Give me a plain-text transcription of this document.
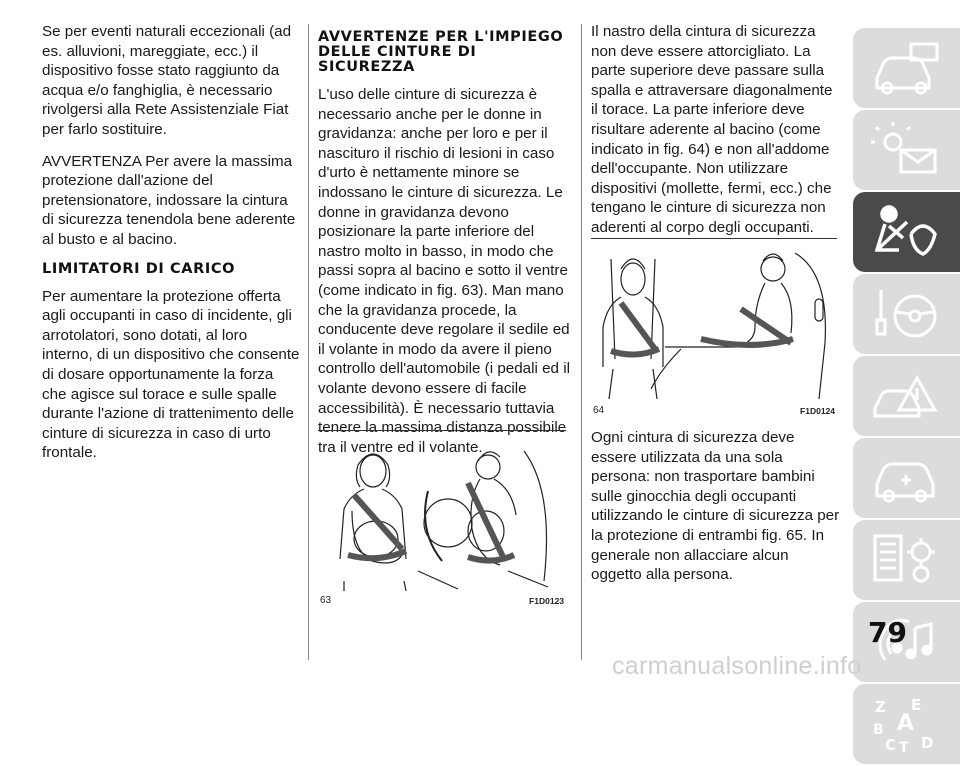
Se per eventi naturali eccezionali (ad es. alluvioni, mareggiate, ecc.) il dispositivo fosse stato raggiunto da acqua e/o fanghiglia, è necessario rivolgersi alla Rete Assistenziale Fiat per farlo sostituire.

AVVERTENZA Per avere la massima protezione dall'azione del pretensionatore, indossare la cintura di sicurezza tenendola bene aderente al busto e al bacino.

LIMITATORI DI CARICO

Per aumentare la protezione offerta agli occupanti in caso di incidente, gli arrotolatori, sono dotati, al loro interno, di un dispositivo che consente di dosare opportunamente la forza che agisce sul torace e sulle spalle durante l'azione di trattenimento delle cinture di sicurezza in caso di urto frontale.

AVVERTENZE PER L'IMPIEGO DELLE CINTURE DI SICUREZZA

L'uso delle cinture di sicurezza è necessario anche per le donne in gravidanza: anche per loro e per il nascituro il rischio di lesioni in caso d'urto è nettamente minore se indossano le cinture di sicurezza. Le donne in gravidanza devono posizionare la parte inferiore del nastro molto in basso, in modo che passi sopra al bacino e sotto il ventre (come indicato in fig. 63). Man mano che la gravidanza procede, la conducente deve regolare il sedile ed il volante in modo da avere il pieno controllo dell'automobile (i pedali ed il volante devono essere di facile accessibilità). È necessario tuttavia tenere la massima distanza possibile tra il ventre ed il volante.

63	F1D0123

Il nastro della cintura di sicurezza non deve essere attorcigliato. La parte superiore deve passare sulla spalla e attraversare diagonalmente il torace. La parte inferiore deve risultare aderente al bacino (come indicato in fig. 64) e non all'addome dell'occupante. Non utilizzare dispositivi (mollette, fermi, ecc.) che tengano le cinture di sicurezza non aderenti al corpo degli occupanti.

64	F1D0124

Ogni cintura di sicurezza deve essere utilizzata da una sola persona: non trasportare bambini sulle ginocchia degli occupanti utilizzando le cinture di sicurezza per la protezione di entrambi fig. 65. In generale non allacciare alcun oggetto alla persona.

Z E
A
B
C T D
79
carmanualsonline.info
